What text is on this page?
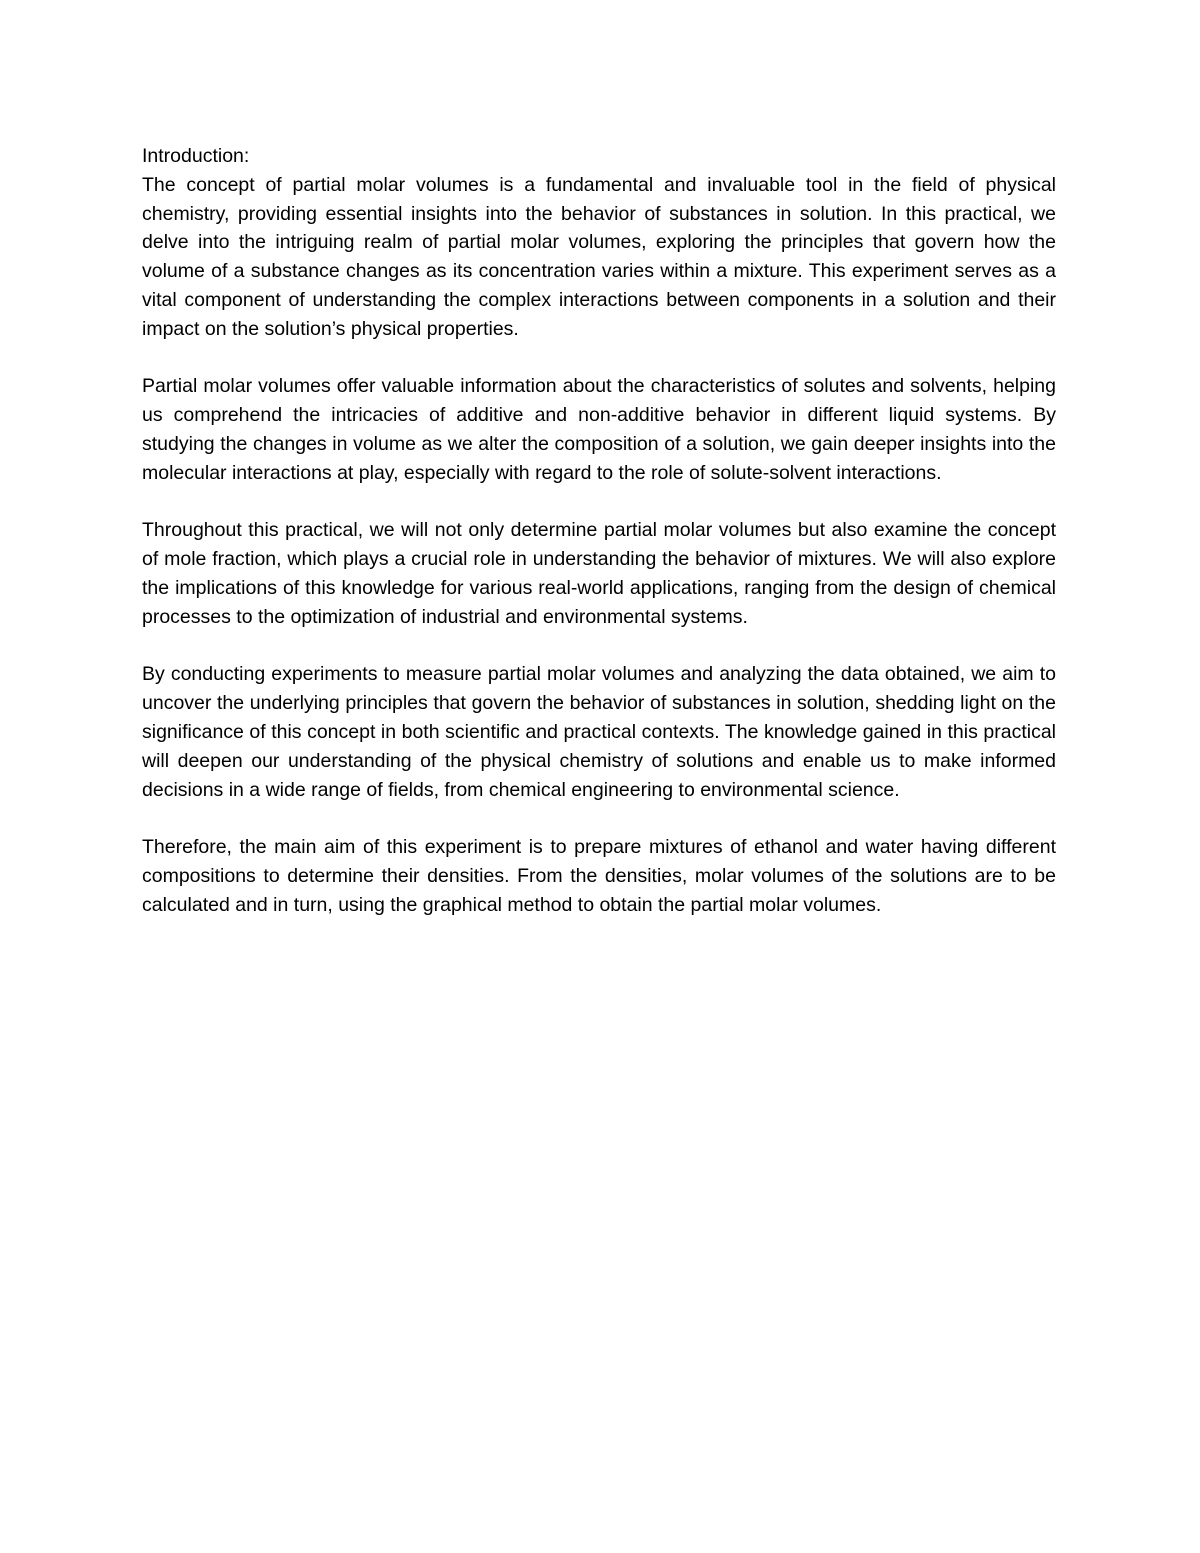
Introduction:

The concept of partial molar volumes is a fundamental and invaluable tool in the field of physical chemistry, providing essential insights into the behavior of substances in solution. In this practical, we delve into the intriguing realm of partial molar volumes, exploring the principles that govern how the volume of a substance changes as its concentration varies within a mixture. This experiment serves as a vital component of understanding the complex interactions between components in a solution and their impact on the solution’s physical properties.

Partial molar volumes offer valuable information about the characteristics of solutes and solvents, helping us comprehend the intricacies of additive and non-additive behavior in different liquid systems. By studying the changes in volume as we alter the composition of a solution, we gain deeper insights into the molecular interactions at play, especially with regard to the role of solute-solvent interactions.

Throughout this practical, we will not only determine partial molar volumes but also examine the concept of mole fraction, which plays a crucial role in understanding the behavior of mixtures. We will also explore the implications of this knowledge for various real-world applications, ranging from the design of chemical processes to the optimization of industrial and environmental systems.

By conducting experiments to measure partial molar volumes and analyzing the data obtained, we aim to uncover the underlying principles that govern the behavior of substances in solution, shedding light on the significance of this concept in both scientific and practical contexts. The knowledge gained in this practical will deepen our understanding of the physical chemistry of solutions and enable us to make informed decisions in a wide range of fields, from chemical engineering to environmental science.

Therefore, the main aim of this experiment is to prepare mixtures of ethanol and water having different compositions to determine their densities. From the densities, molar volumes of the solutions are to be calculated and in turn, using the graphical method to obtain the partial molar volumes.
